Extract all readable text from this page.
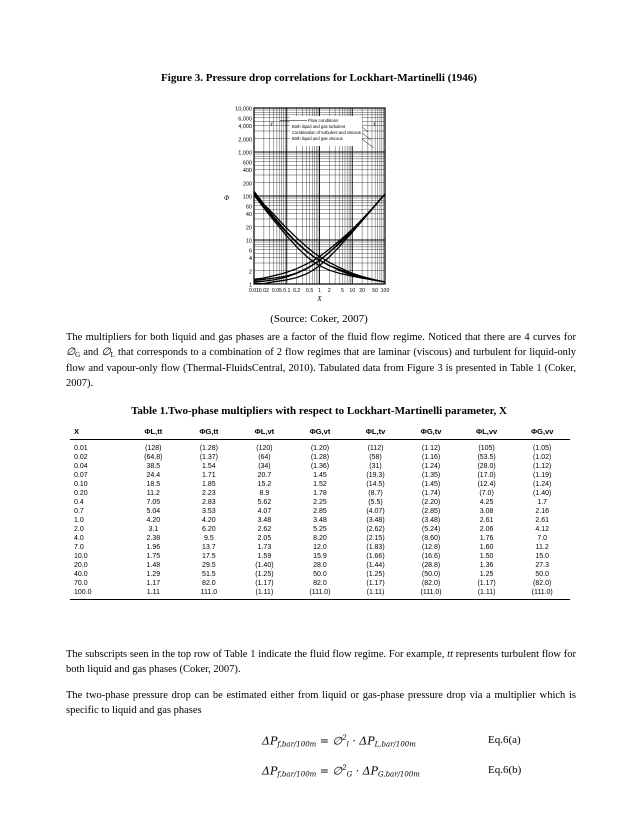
Figure 3. Pressure drop correlations for Lockhart-Martinelli (1946)
10,000
6,000
4,000
2,000
1,000
600
400
200
100
60
40
20
10
6
4
2
1
Φ
0.01 0.02 0.05 0.1 0.2 0.5 1 2 5 10 20 50 100
X
Flow conditions
Both liquid and gas turbulent
Combination of turbulent and viscous
Both liquid and gas viscous
Y	Y
(Source: Coker, 2007)

The multipliers for both liquid and gas phases are a factor of the fluid flow regime. Noticed that there are 4 curves for $\emptyset_G$ and $\emptyset_L$ that corresponds to a combination of 2 flow regimes that are laminar (viscous) and turbulent for liquid-only flow and vapour-only flow (Thermal-FluidsCentral, 2010). Tabulated data from Figure 3 is presented in Table 1 (Coker, 2007).

Table 1.Two-phase multipliers with respect to Lockhart-Martinelli parameter, X
X	ΦL,tt	ΦG,tt	ΦL,vt	ΦG,vt	ΦL,tv	ΦG,tv	ΦL,vv	ΦG,vv
0.01	(128)	(1.28)	(120)	(1.20)	(112)	(1.12)	(105)	(1.05)
0.02	(64.8)	(1.37)	(64)	(1.28)	(58)	(1.16)	(53.5)	(1.02)
0.04	38.5	1.54	(34)	(1.36)	(31)	(1.24)	(28.0)	(1.12)
0.07	24.4	1.71	20.7	1.45	(19.3)	(1.35)	(17.0)	(1.19)
0.10	18.5	1.85	15.2	1.52	(14.5)	(1.45)	(12.4)	(1.24)
0.20	11.2	2.23	8.9	1.78	(8.7)	(1.74)	(7.0)	(1.40)
0.4	7.05	2.83	5.62	2.25	(5.5)	(2.20)	4.25	1.7
0.7	5.04	3.53	4.07	2.85	(4.07)	(2.85)	3.08	2.16
1.0	4.20	4.20	3.48	3.48	(3.48)	(3.48)	2.61	2.61
2.0	3.1	6.20	2.62	5.25	(2.62)	(5.24)	2.06	4.12
4.0	2.38	9.5	2.05	8.20	(2.15)	(8.60)	1.76	7.0
7.0	1.96	13.7	1.73	12.0	(1.83)	(12.8)	1.60	11.2
10.0	1.75	17.5	1.59	15.9	(1.66)	(16.6)	1.50	15.0
20.0	1.48	29.5	(1.40)	28.0	(1.44)	(28.8)	1.36	27.3
40.0	1.29	51.5	(1.25)	50.0	(1.25)	(50.0)	1.25	50.0
70.0	1.17	82.0	(1.17)	82.0	(1.17)	(82.0)	(1.17)	(82.0)
100.0	1.11	111.0	(1.11)	(111.0)	(1.11)	(111.0)	(1.11)	(111.0)

The subscripts seen in the top row of Table 1 indicate the fluid flow regime. For example, tt represents turbulent flow for both liquid and gas phases (Coker, 2007).

The two-phase pressure drop can be estimated either from liquid or gas-phase pressure drop via a multiplier which is specific to liquid and gas phases

$\Delta P_{f,bar/100m}$ = ∅$^2_l$ · $\Delta P_{L,bar/100m}$	Eq.6(a)
$\Delta P_{f,bar/100m}$ = ∅$^2_G$ · $\Delta P_{G,bar/100m}$	Eq.6(b)
